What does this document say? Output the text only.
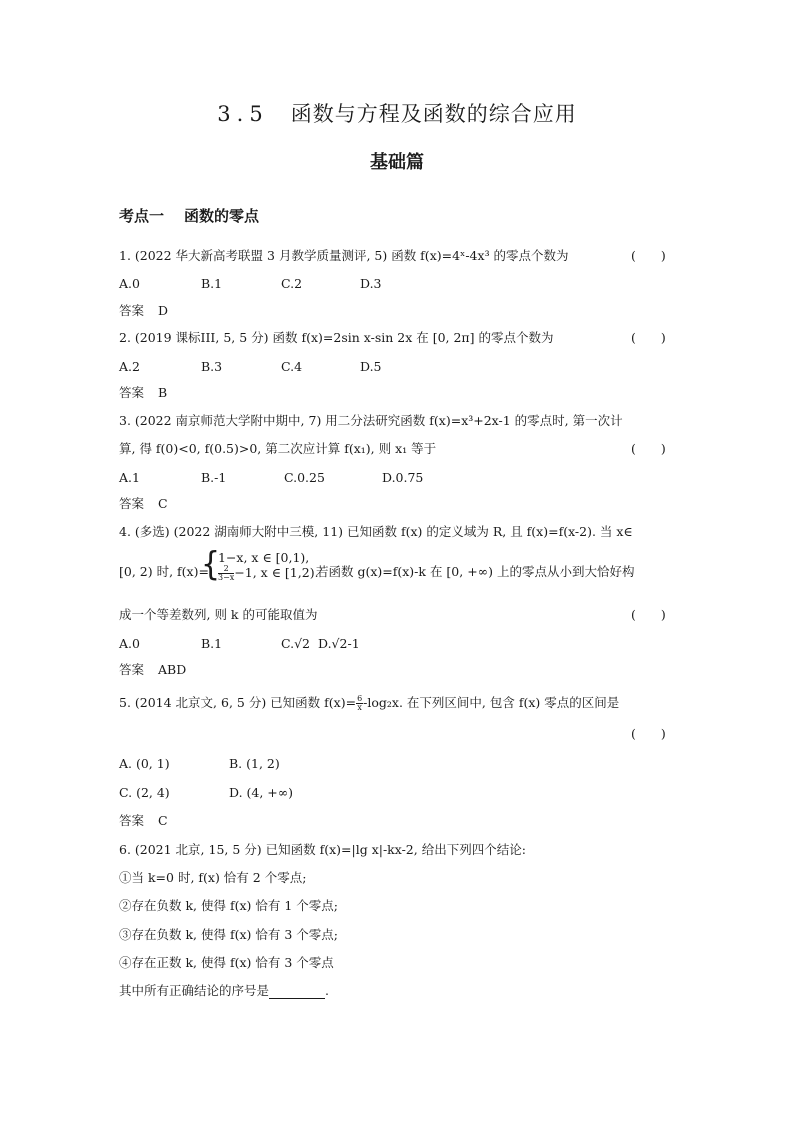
3.5 函数与方程及函数的综合应用
基础篇
考点一 函数的零点
1. (2022 华大新高考联盟 3 月教学质量测评, 5) 函数 f(x)=4ˣ-4x³ 的零点个数为	(　　)
A.0	B.1	C.2	D.3
答案 D
2. (2019 课标III, 5, 5 分) 函数 f(x)=2sin x-sin 2x 在 [0, 2π] 的零点个数为	(　　)
A.2	B.3	C.4	D.5
答案 B
3. (2022 南京师范大学附中期中, 7) 用二分法研究函数 f(x)=x³+2x-1 的零点时, 第一次计
算, 得 f(0)<0, f(0.5)>0, 第二次应计算 f(x₁), 则 x₁ 等于	(　　)
A.1	B.-1	C.0.25	D.0.75
答案 C
4. (多选) (2022 湖南师大附中三模, 11) 已知函数 f(x) 的定义域为 R, 且 f(x)=f(x-2). 当 x∈
[0, 2) 时, f(x)=
{
1−x, x ∈ [0,1),
$\frac{2}{3-x} -1$, x ∈ [1,2).
若函数 g(x)=f(x)-k 在 [0, +∞) 上的零点从小到大恰好构
成一个等差数列, 则 k 的可能取值为	(　　)
A.0	B.1	C.√2 D.√2-1
答案 ABD
5. (2014 北京文, 6, 5 分) 已知函数 $f(x)= \frac{6}{x} -\log_2x$. 在下列区间中, 包含 f(x) 零点的区间是
(　　)
A. (0, 1)	B. (1, 2)
C. (2, 4)	D. (4, +∞)
答案 C
6. (2021 北京, 15, 5 分) 已知函数 f(x)=|lg x|-kx-2, 给出下列四个结论:
①当 k=0 时, f(x) 恰有 2 个零点;
②存在负数 k, 使得 f(x) 恰有 1 个零点;
③存在负数 k, 使得 f(x) 恰有 3 个零点;
④存在正数 k, 使得 f(x) 恰有 3 个零点
其中所有正确结论的序号是	.
